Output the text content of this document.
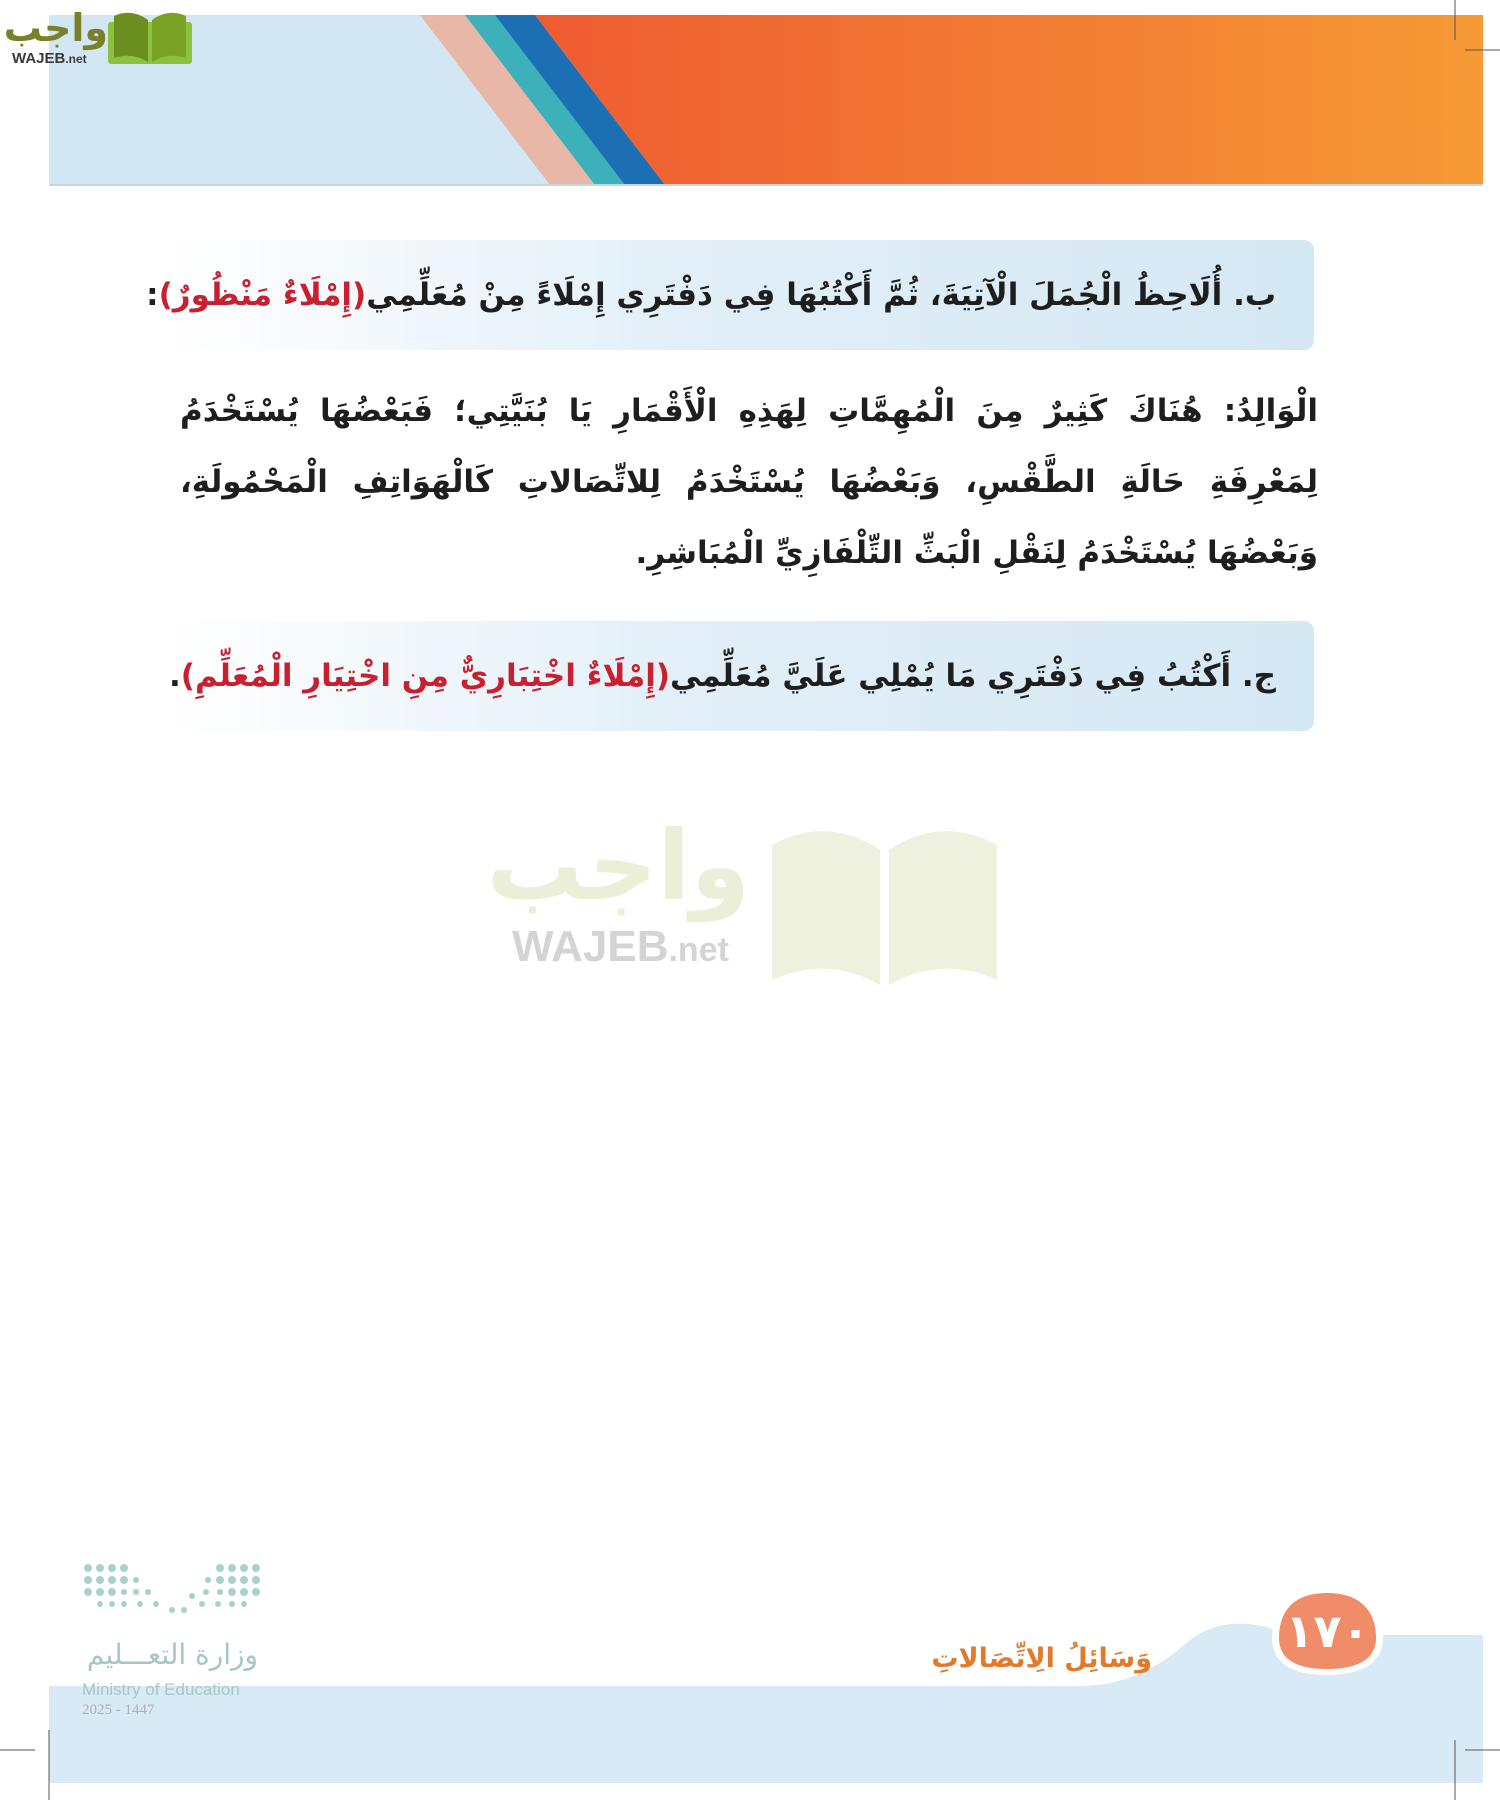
واجب
WAJEB.net
ب. أُلَاحِظُ الْجُمَلَ الْآتِيَةَ، ثُمَّ أَكْتُبُهَا فِي دَفْتَرِي إِمْلَاءً مِنْ مُعَلِّمِي
(إِمْلَاءٌ مَنْظُورٌ)
:
الْوَالِدُ: هُنَاكَ كَثِيرٌ مِنَ الْمُهِمَّاتِ لِهَذِهِ الْأَقْمَارِ يَا بُنَيَّتِي؛ فَبَعْضُهَا يُسْتَخْدَمُ لِمَعْرِفَةِ حَالَةِ الطَّقْسِ، وَبَعْضُهَا يُسْتَخْدَمُ لِلاتِّصَالاتِ كَالْهَوَاتِفِ الْمَحْمُولَةِ، وَبَعْضُهَا يُسْتَخْدَمُ لِنَقْلِ الْبَثِّ التِّلْفَازِيِّ الْمُبَاشِرِ.
ج. أَكْتُبُ فِي دَفْتَرِي مَا يُمْلِي عَلَيَّ مُعَلِّمِي
(إِمْلَاءٌ اخْتِبَارِيٌّ مِنِ اخْتِيَارِ الْمُعَلِّمِ)
.
واجب
WAJEB.net
١٧٠
وَسَائِلُ الِاتِّصَالاتِ
وزارة التعـــليم
Ministry of Education
2025 - 1447
